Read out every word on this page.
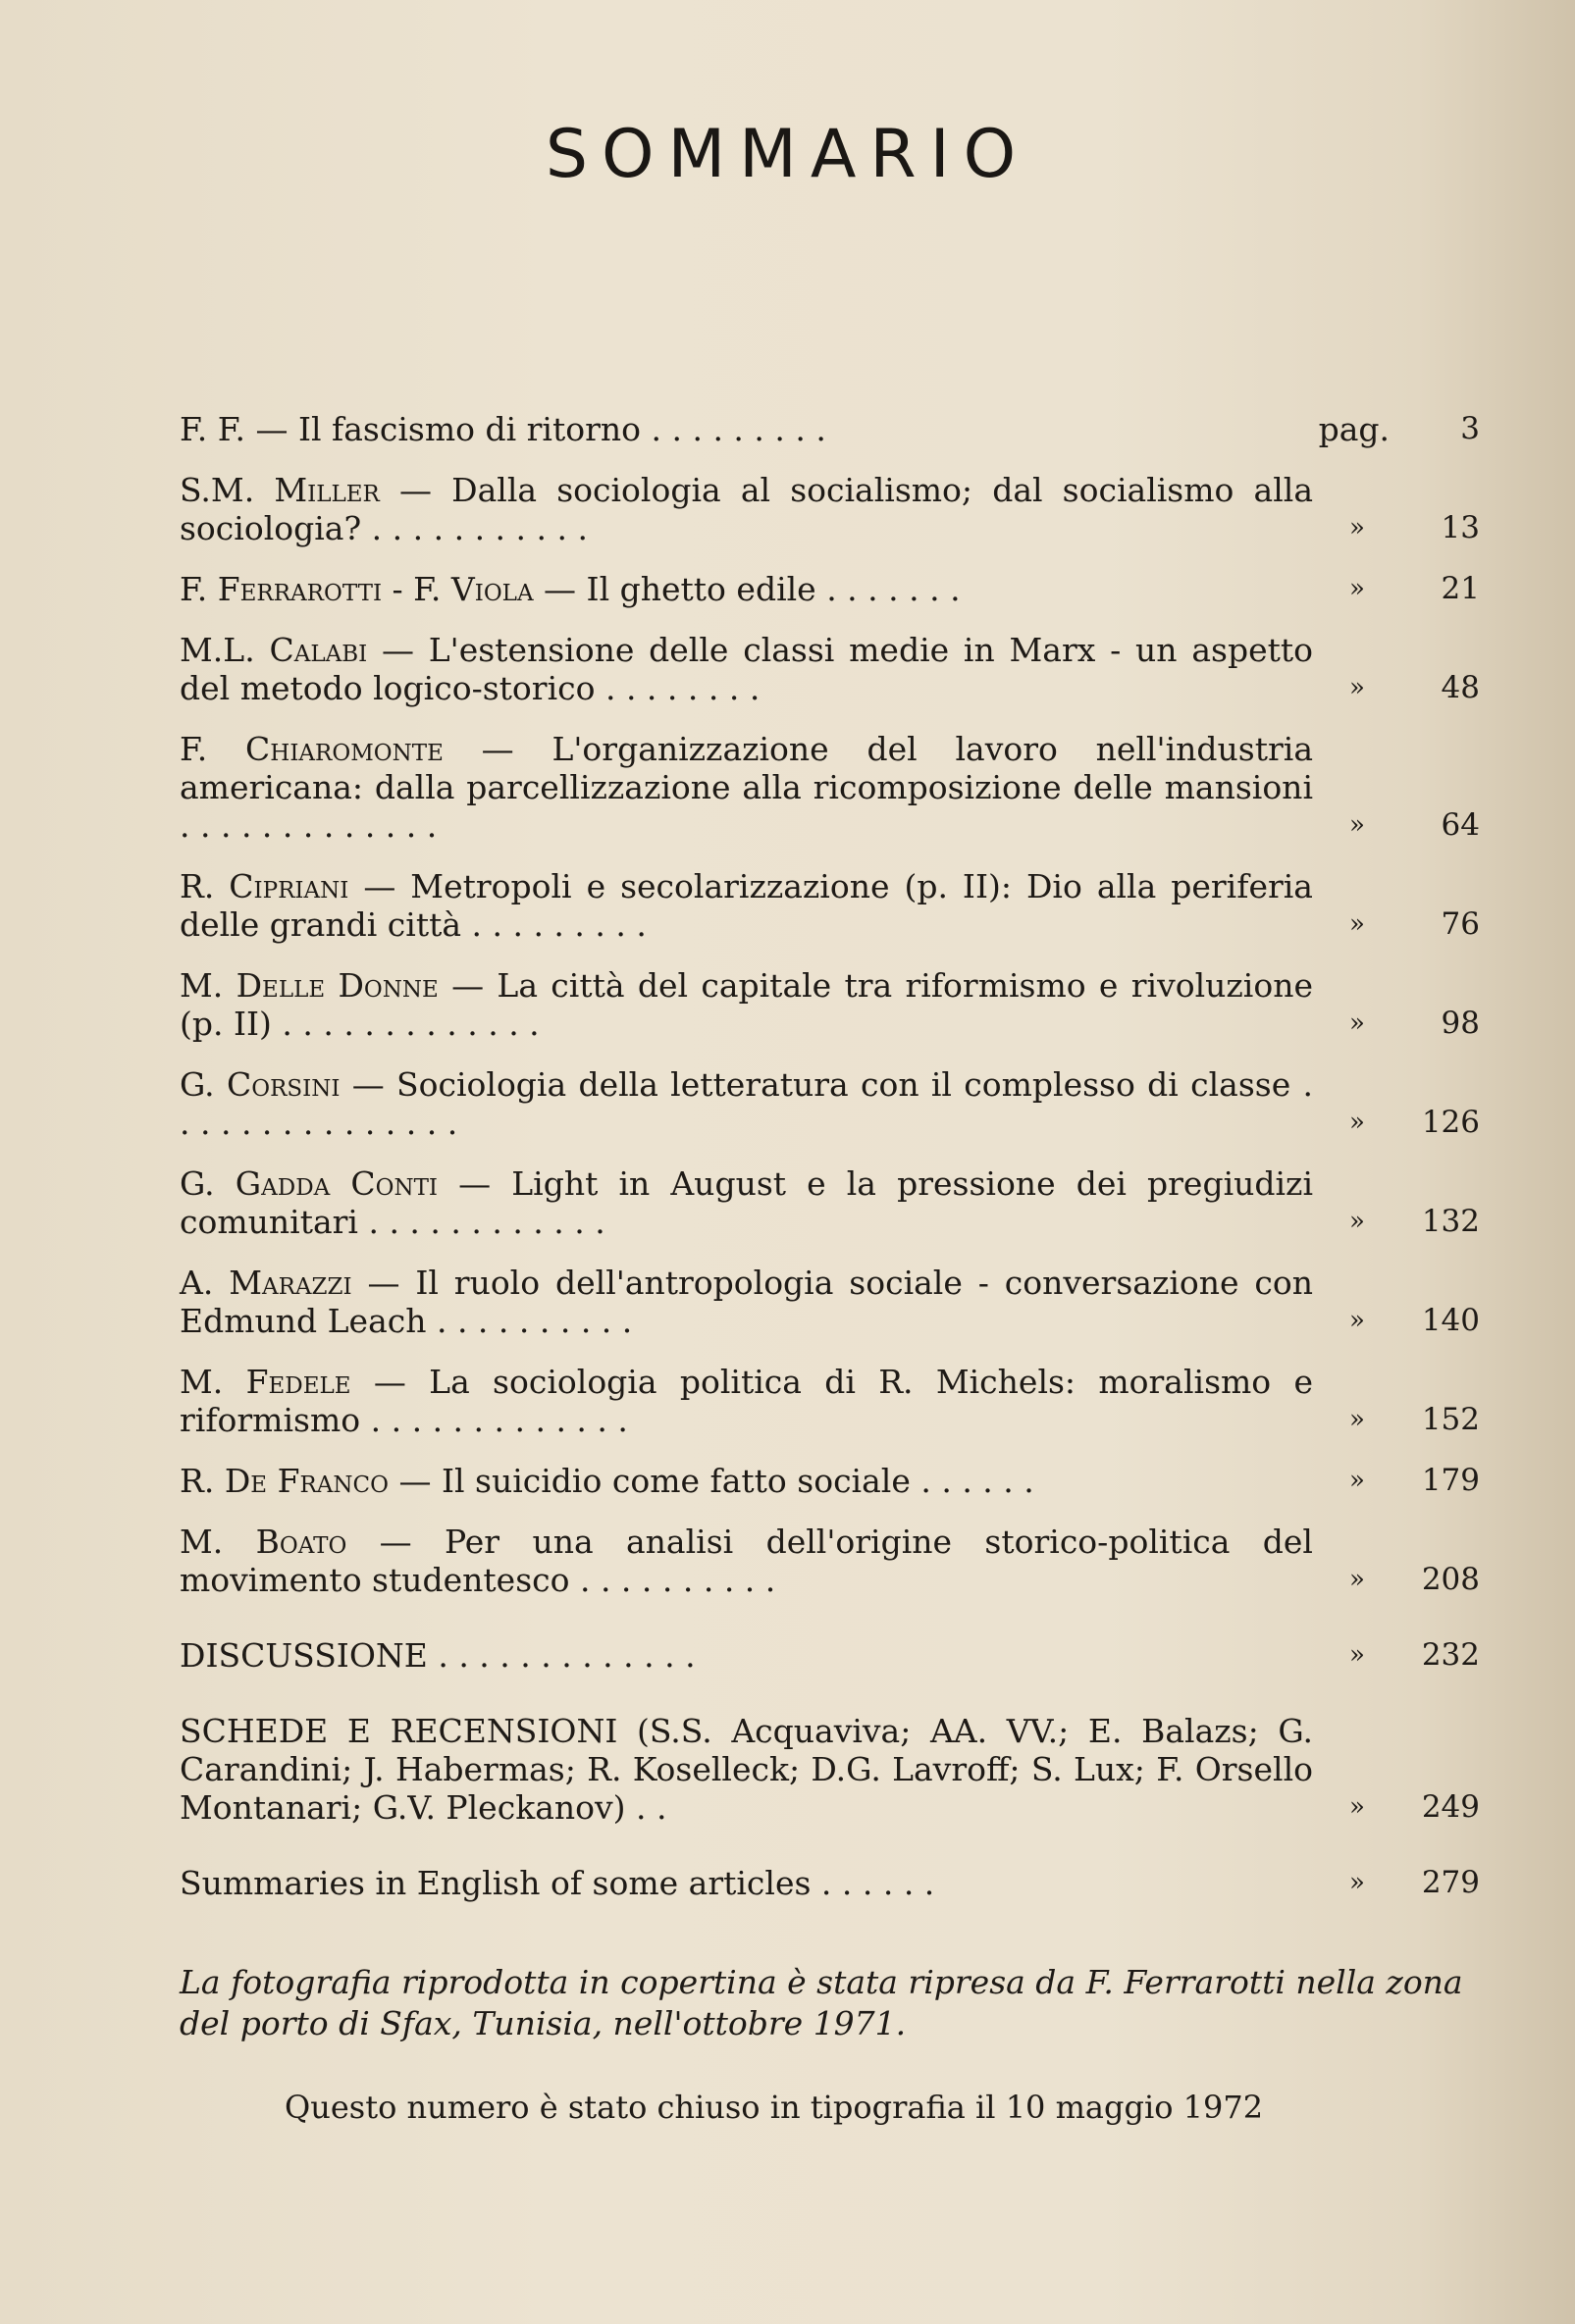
SOMMARIO
F. F. — Il fascismo di ritorno . . . . . . . . .	pag.	3
S.M. Miller — Dalla sociologia al socialismo; dal socialismo alla sociologia? . . . . . . . . . . .	»	13
F. Ferrarotti - F. Viola — Il ghetto edile . . . . . . .	»	21
M.L. Calabi — L'estensione delle classi medie in Marx - un aspetto del metodo logico-storico . . . . . . . .	»	48
F. Chiaromonte — L'organizzazione del lavoro nell'industria americana: dalla parcellizzazione alla ricomposizione delle mansioni . . . . . . . . . . . . .	»	64
R. Cipriani — Metropoli e secolarizzazione (p. II): Dio alla periferia delle grandi città . . . . . . . . .	»	76
M. Delle Donne — La città del capitale tra riformismo e rivoluzione (p. II) . . . . . . . . . . . . .	»	98
G. Corsini — Sociologia della letteratura con il complesso di classe . . . . . . . . . . . . . . .	»	126
G. Gadda Conti — Light in August e la pressione dei pregiudizi comunitari . . . . . . . . . . . .	»	132
A. Marazzi — Il ruolo dell'antropologia sociale - conversazione con Edmund Leach . . . . . . . . . .	»	140
M. Fedele — La sociologia politica di R. Michels: moralismo e riformismo . . . . . . . . . . . . .	»	152
R. De Franco — Il suicidio come fatto sociale . . . . . .	»	179
M. Boato — Per una analisi dell'origine storico-politica del movimento studentesco . . . . . . . . . .	»	208
DISCUSSIONE . . . . . . . . . . . . .	»	232
SCHEDE E RECENSIONI (S.S. Acquaviva; AA. VV.; E. Balazs; G. Carandini; J. Habermas; R. Koselleck; D.G. Lavroff; S. Lux; F. Orsello Montanari; G.V. Pleckanov) . .	»	249
Summaries in English of some articles . . . . . .	»	279
La fotografia riprodotta in copertina è stata ripresa da F. Ferrarotti nella zona del porto di Sfax, Tunisia, nell'ottobre 1971.
Questo numero è stato chiuso in tipografia il 10 maggio 1972
